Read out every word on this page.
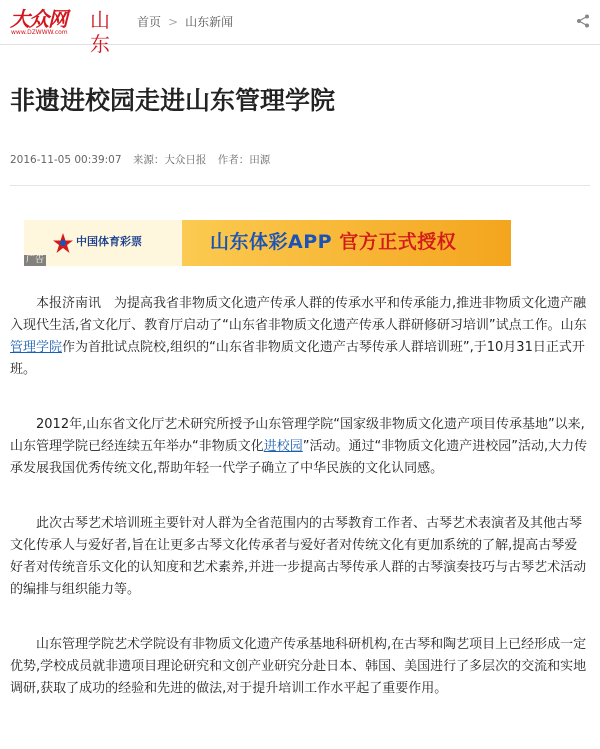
大众网
www.DZWWW.com
山东
首页 > 山东新闻
非遗进校园走进山东管理学院
2016-11-05 00:39:07 来源：大众日报 作者：田源
中国体育彩票	山东体彩APP 官方正式授权
广告

本报济南讯　为提高我省非物质文化遗产传承人群的传承水平和传承能力,推进非物质文化遗产融入现代生活,省文化厅、教育厅启动了“山东省非物质文化遗产传承人群研修研习培训”试点工作。山东管理学院作为首批试点院校,组织的“山东省非物质文化遗产古琴传承人群培训班”,于10月31日正式开班。

2012年,山东省文化厅艺术研究所授予山东管理学院“国家级非物质文化遗产项目传承基地”以来,山东管理学院已经连续五年举办“非物质文化进校园”活动。通过“非物质文化遗产进校园”活动,大力传承发展我国优秀传统文化,帮助年轻一代学子确立了中华民族的文化认同感。

此次古琴艺术培训班主要针对人群为全省范围内的古琴教育工作者、古琴艺术表演者及其他古琴文化传承人与爱好者,旨在让更多古琴文化传承者与爱好者对传统文化有更加系统的了解,提高古琴爱好者对传统音乐文化的认知度和艺术素养,并进一步提高古琴传承人群的古琴演奏技巧与古琴艺术活动的编排与组织能力等。

山东管理学院艺术学院设有非物质文化遗产传承基地科研机构,在古琴和陶艺项目上已经形成一定优势,学校成员就非遗项目理论研究和文创产业研究分赴日本、韩国、美国进行了多层次的交流和实地调研,获取了成功的经验和先进的做法,对于提升培训工作水平起了重要作用。
